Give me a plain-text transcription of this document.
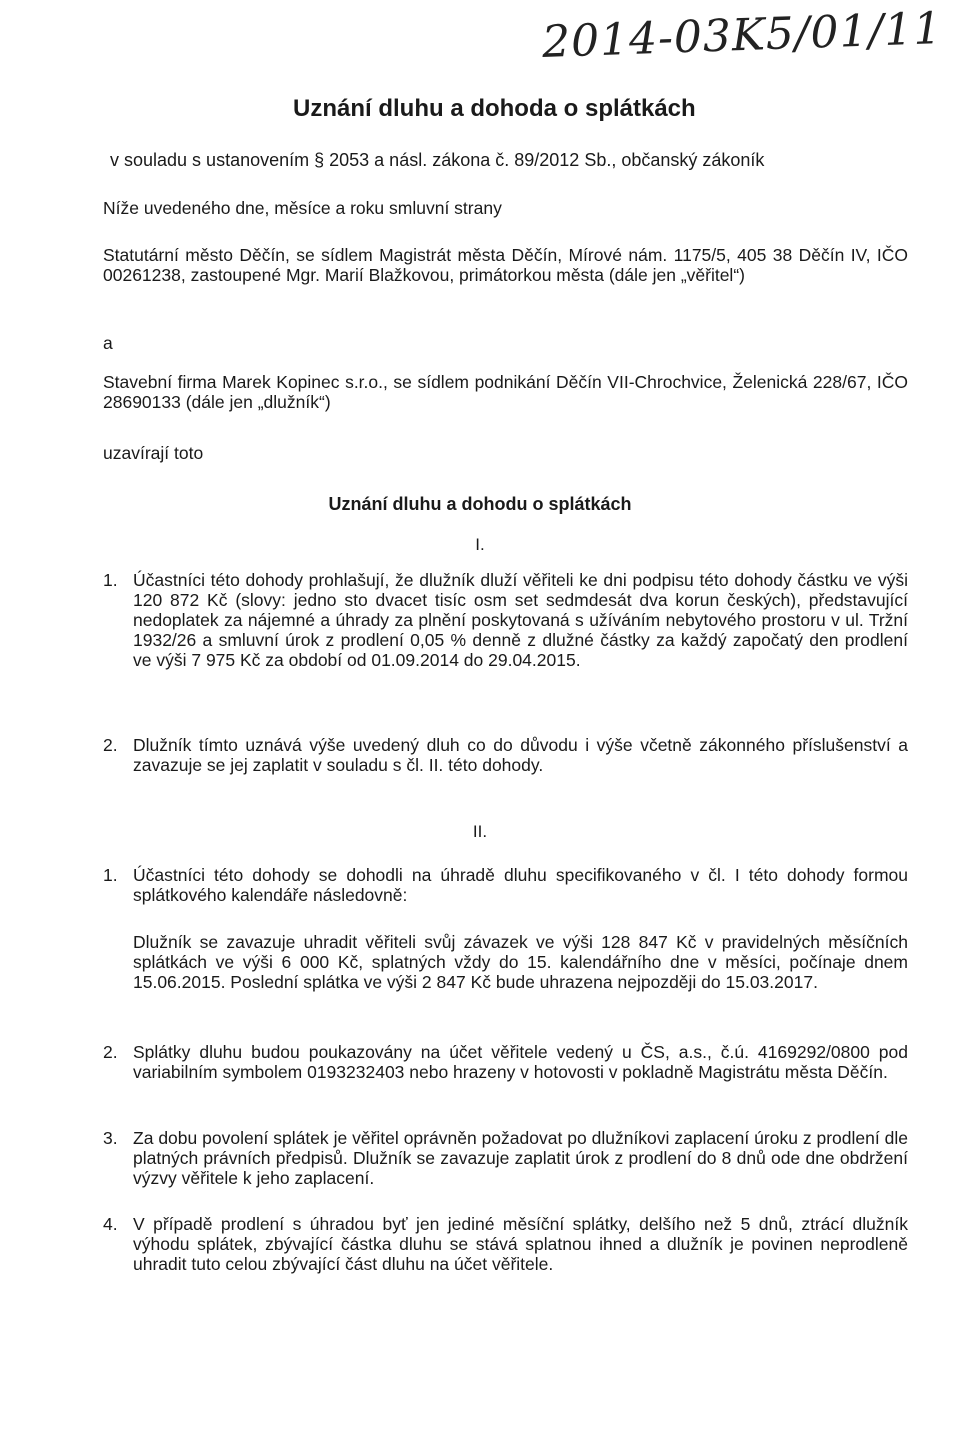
2014-03K5/01/11
Uznání dluhu a dohoda o splátkách

v souladu s ustanovením § 2053 a násl. zákona č. 89/2012 Sb., občanský zákoník

Níže uvedeného dne, měsíce a roku smluvní strany

Statutární město Děčín, se sídlem Magistrát města Děčín, Mírové nám. 1175/5, 405 38 Děčín IV, IČO 00261238, zastoupené Mgr. Marií Blažkovou, primátorkou města (dále jen „věřitel“)

a

Stavební firma Marek Kopinec s.r.o., se sídlem podnikání Děčín VII-Chrochvice, Želenická 228/67, IČO 28690133 (dále jen „dlužník“)

uzavírají toto

Uznání dluhu a dohodu o splátkách

I.

1. Účastníci této dohody prohlašují, že dlužník dluží věřiteli ke dni podpisu této dohody částku ve výši 120 872 Kč (slovy: jedno sto dvacet tisíc osm set sedmdesát dva korun českých), představující nedoplatek za nájemné a úhrady za plnění poskytovaná s užíváním nebytového prostoru v ul. Tržní 1932/26 a smluvní úrok z prodlení 0,05 % denně z dlužné částky za každý započatý den prodlení ve výši 7 975 Kč za období od 01.09.2014 do 29.04.2015.

2. Dlužník tímto uznává výše uvedený dluh co do důvodu i výše včetně zákonného příslušenství a zavazuje se jej zaplatit v souladu s čl. II. této dohody.

II.

1. Účastníci této dohody se dohodli na úhradě dluhu specifikovaného v čl. I této dohody formou splátkového kalendáře následovně:

Dlužník se zavazuje uhradit věřiteli svůj závazek ve výši 128 847 Kč v pravidelných měsíčních splátkách ve výši 6 000 Kč, splatných vždy do 15. kalendářního dne v měsíci, počínaje dnem 15.06.2015. Poslední splátka ve výši 2 847 Kč bude uhrazena nejpozději do 15.03.2017.

2. Splátky dluhu budou poukazovány na účet věřitele vedený u ČS, a.s., č.ú. 4169292/0800 pod variabilním symbolem 0193232403 nebo hrazeny v hotovosti v pokladně Magistrátu města Děčín.

3. Za dobu povolení splátek je věřitel oprávněn požadovat po dlužníkovi zaplacení úroku z prodlení dle platných právních předpisů. Dlužník se zavazuje zaplatit úrok z prodlení do 8 dnů ode dne obdržení výzvy věřitele k jeho zaplacení.

4. V případě prodlení s úhradou byť jen jediné měsíční splátky, delšího než 5 dnů, ztrácí dlužník výhodu splátek, zbývající částka dluhu se stává splatnou ihned a dlužník je povinen neprodleně uhradit tuto celou zbývající část dluhu na účet věřitele.
